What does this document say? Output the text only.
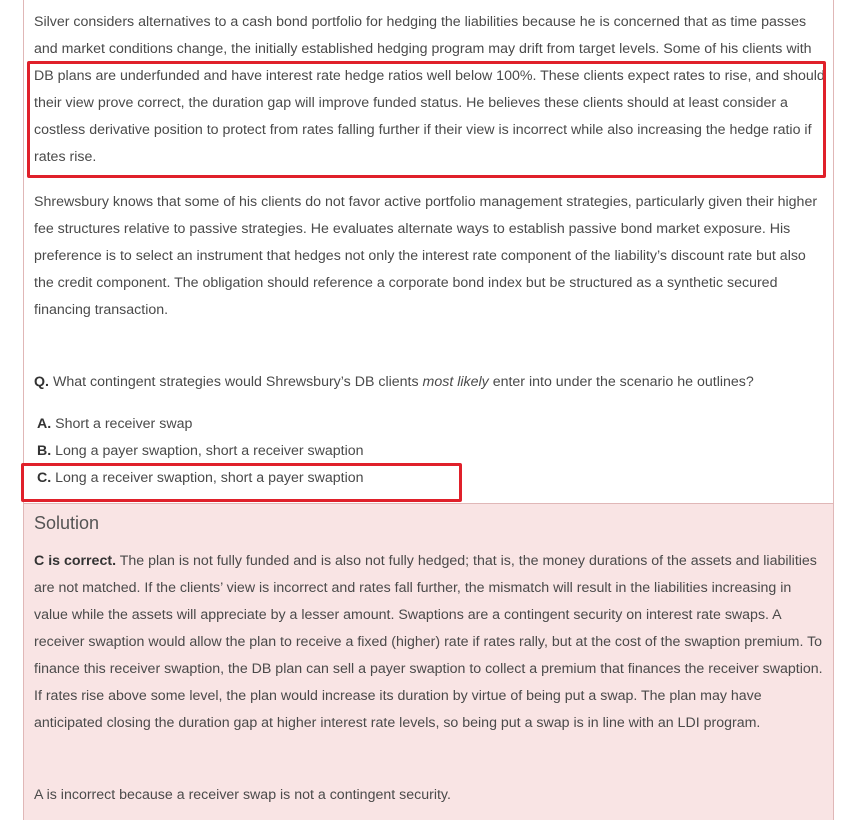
Silver considers alternatives to a cash bond portfolio for hedging the liabilities because he is concerned that as time passes and market conditions change, the initially established hedging program may drift from target levels. Some of his clients with DB plans are underfunded and have interest rate hedge ratios well below 100%. These clients expect rates to rise, and should their view prove correct, the duration gap will improve funded status. He believes these clients should at least consider a costless derivative position to protect from rates falling further if their view is incorrect while also increasing the hedge ratio if rates rise.

Shrewsbury knows that some of his clients do not favor active portfolio management strategies, particularly given their higher fee structures relative to passive strategies. He evaluates alternate ways to establish passive bond market exposure. His preference is to select an instrument that hedges not only the interest rate component of the liability’s discount rate but also the credit component. The obligation should reference a corporate bond index but be structured as a synthetic secured financing transaction.

Q. What contingent strategies would Shrewsbury’s DB clients most likely enter into under the scenario he outlines?
A. Short a receiver swap
B. Long a payer swaption, short a receiver swaption
C. Long a receiver swaption, short a payer swaption
Solution

C is correct. The plan is not fully funded and is also not fully hedged; that is, the money durations of the assets and liabilities are not matched. If the clients’ view is incorrect and rates fall further, the mismatch will result in the liabilities increasing in value while the assets will appreciate by a lesser amount. Swaptions are a contingent security on interest rate swaps. A receiver swaption would allow the plan to receive a fixed (higher) rate if rates rally, but at the cost of the swaption premium. To finance this receiver swaption, the DB plan can sell a payer swaption to collect a premium that finances the receiver swaption. If rates rise above some level, the plan would increase its duration by virtue of being put a swap. The plan may have anticipated closing the duration gap at higher interest rate levels, so being put a swap is in line with an LDI program.

A is incorrect because a receiver swap is not a contingent security.
